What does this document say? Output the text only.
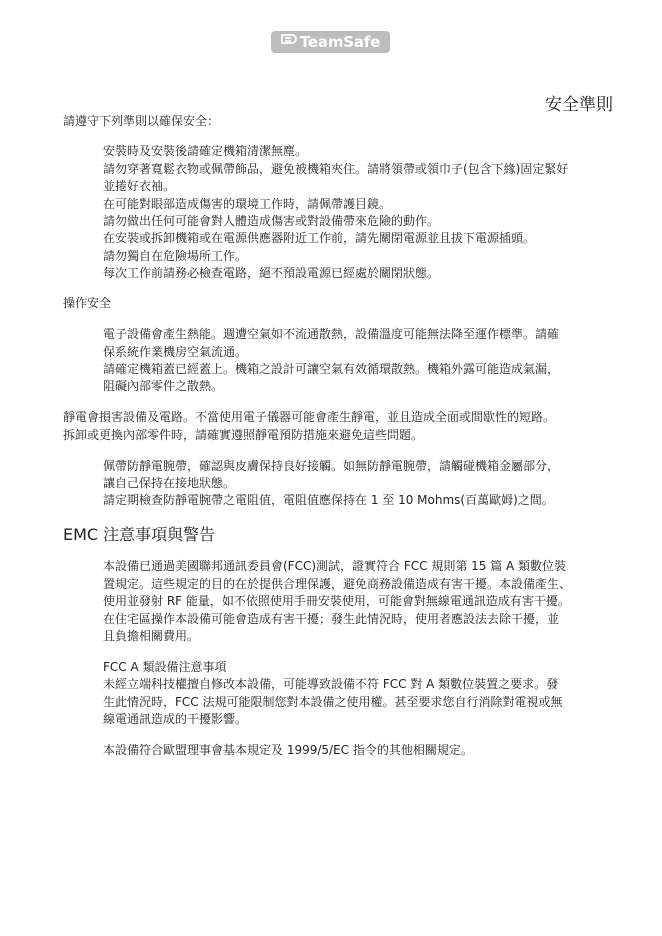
TeamSafe
安全準則

請遵守下列準則以確保安全：

安裝時及安裝後請確定機箱清潔無塵。

請勿穿著寬鬆衣物或佩帶飾品，避免被機箱夾住。請將領帶或領巾子(包含下緣)固定緊好

並捲好衣袖。

在可能對眼部造成傷害的環境工作時，請佩帶護目鏡。

請勿做出任何可能會對人體造成傷害或對設備帶來危險的動作。

在安裝或拆卸機箱或在電源供應器附近工作前，請先關閉電源並且拔下電源插頭。

請勿獨自在危險場所工作。

每次工作前請務必檢查電路，絕不預設電源已經處於關閉狀態。

操作安全

電子設備會產生熱能。週遭空氣如不流通散熱，設備溫度可能無法降至運作標準。請確

保系統作業機房空氣流通。

請確定機箱蓋已經蓋上。機箱之設計可讓空氣有效循環散熱。機箱外露可能造成氣漏，

阻礙內部零件之散熱。

靜電會損害設備及電路。不當使用電子儀器可能會產生靜電，並且造成全面或間歇性的短路。

拆卸或更換內部零件時，請確實遵照靜電預防措施來避免這些問題。

佩帶防靜電腕帶，確認與皮膚保持良好接觸。如無防靜電腕帶，請觸碰機箱金屬部分，

讓自己保持在接地狀態。

請定期檢查防靜電腕帶之電阻值，電阻值應保持在 1 至 10 Mohms(百萬歐姆)之間。

EMC 注意事項與警告

本設備已通過美國聯邦通訊委員會(FCC)測試，證實符合 FCC 規則第 15 篇 A 類數位裝

置規定。這些規定的目的在於提供合理保護，避免商務設備造成有害干擾。本設備產生、

使用並發射 RF 能量，如不依照使用手冊安裝使用，可能會對無線電通訊造成有害干擾。

在住宅區操作本設備可能會造成有害干擾；發生此情況時，使用者應設法去除干擾，並

且負擔相關費用。

FCC A 類設備注意事項

未經立端科技權擅自修改本設備，可能導致設備不符 FCC 對 A 類數位裝置之要求。發

生此情況時，FCC 法規可能限制您對本設備之使用權。甚至要求您自行消除對電視或無

線電通訊造成的干擾影響。

本設備符合歐盟理事會基本規定及 1999/5/EC 指令的其他相關規定。
